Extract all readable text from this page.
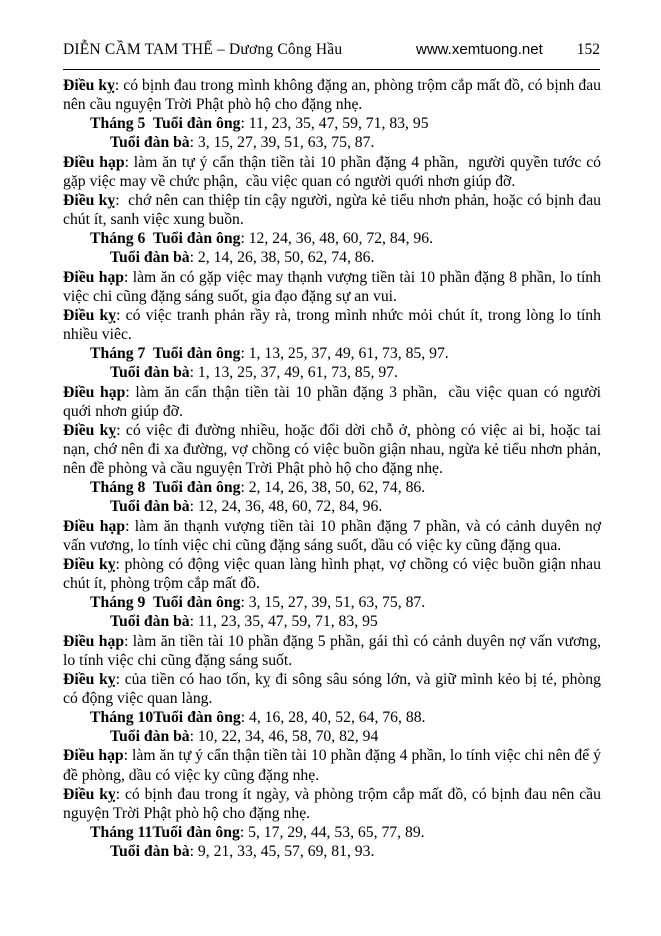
DIỄN CẦM TAM THẾ – Dương Công Hầu	www.xemtuong.net 152

Điều kỵ: có bịnh đau trong mình không đặng an, phòng trộm cắp mất đồ, có bịnh đau nên cầu nguyện Trời Phật phò hộ cho đặng nhẹ.

Tháng 5  Tuổi đàn ông: 11, 23, 35, 47, 59, 71, 83, 95

Tuổi đàn bà: 3, 15, 27, 39, 51, 63, 75, 87.

Điều hạp: làm ăn tự ý cẩn thận tiền tài 10 phần đặng 4 phần,  người quyền tước có gặp việc may về chức phận,  cầu việc quan có người quới nhơn giúp đỡ.

Điều kỵ:  chớ nên can thiệp tin cậy người, ngừa kẻ tiểu nhơn phản, hoặc có bịnh đau chút ít, sanh việc xung buồn.

Tháng 6  Tuổi đàn ông: 12, 24, 36, 48, 60, 72, 84, 96.

Tuổi đàn bà: 2, 14, 26, 38, 50, 62, 74, 86.

Điều hạp: làm ăn có gặp việc may thạnh vượng tiền tài 10 phần đặng 8 phần, lo tính việc chi cũng đặng sáng suốt, gia đạo đặng sự an vui.

Điều kỵ: có việc tranh phản rầy rà, trong mình nhức mỏi chút ít, trong lòng lo tính nhiều viêc.

Tháng 7  Tuổi đàn ông: 1, 13, 25, 37, 49, 61, 73, 85, 97.

Tuổi đàn bà: 1, 13, 25, 37, 49, 61, 73, 85, 97.

Điều hạp: làm ăn cẩn thận tiền tài 10 phần đặng 3 phần,  cầu việc quan có người quới nhơn giúp đỡ.

Điều kỵ: có việc đi đường nhiều, hoặc đổi dời chỗ ở, phòng có việc ai bi, hoặc tai nạn, chớ nên đi xa đường, vợ chồng có việc buồn giận nhau, ngừa kẻ tiểu nhơn phản, nên đề phòng và cầu nguyện Trời Phật phò hộ cho đặng nhẹ.

Tháng 8  Tuổi đàn ông: 2, 14, 26, 38, 50, 62, 74, 86.

Tuổi đàn bà: 12, 24, 36, 48, 60, 72, 84, 96.

Điều hạp: làm ăn thạnh vượng tiền tài 10 phần đặng 7 phần, và có cảnh duyên nợ vấn vương, lo tính việc chi cũng đặng sáng suốt, dầu có việc ky cũng đặng qua.

Điều kỵ: phòng có động việc quan làng hình phạt, vợ chồng có việc buồn giận nhau chút ít, phòng trộm cắp mất đồ.

Tháng 9  Tuổi đàn ông: 3, 15, 27, 39, 51, 63, 75, 87.

Tuổi đàn bà: 11, 23, 35, 47, 59, 71, 83, 95

Điều hạp: làm ăn tiền tài 10 phần đặng 5 phần, gái thì có cảnh duyên nợ vấn vương, lo tính việc chi cũng đặng sáng suốt.

Điều kỵ: của tiền có hao tốn, kỵ đi sông sâu sóng lớn, và giữ mình kẻo bị té, phòng có động việc quan làng.

Tháng 10Tuổi đàn ông: 4, 16, 28, 40, 52, 64, 76, 88.

Tuổi đàn bà: 10, 22, 34, 46, 58, 70, 82, 94

Điều hạp: làm ăn tự ý cẩn thận tiền tài 10 phần đặng 4 phần, lo tính việc chi nên để ý đề phòng, dầu có việc ky cũng đặng nhẹ.

Điều kỵ: có bịnh đau trong ít ngày, và phòng trộm cắp mất đồ, có bịnh đau nên cầu nguyện Trời Phật phò hộ cho đặng nhẹ.

Tháng 11Tuổi đàn ông: 5, 17, 29, 44, 53, 65, 77, 89.

Tuổi đàn bà: 9, 21, 33, 45, 57, 69, 81, 93.
